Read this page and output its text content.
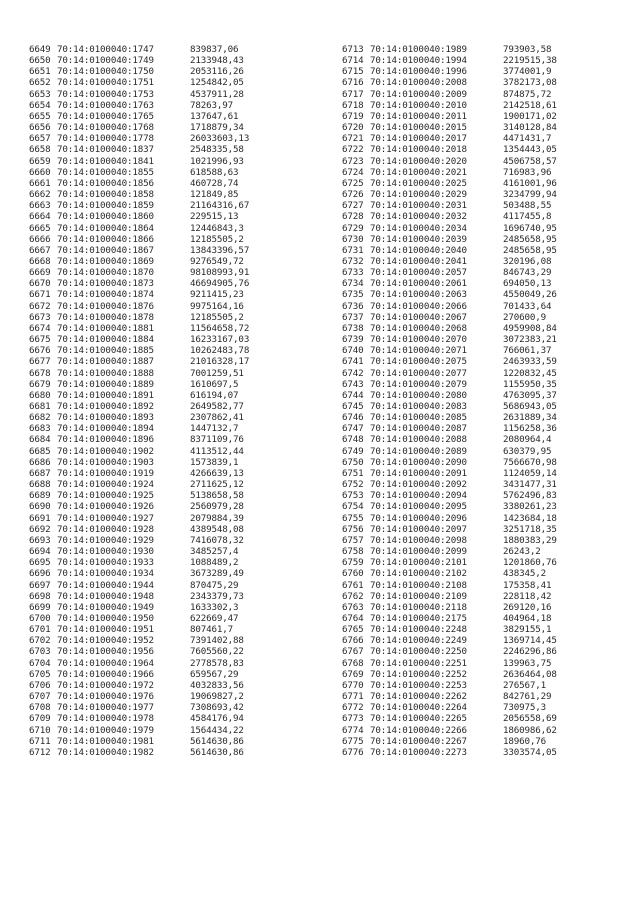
6649 70:14:0100040:1747	839837,06
6650 70:14:0100040:1749	2133948,43
6651 70:14:0100040:1750	2053116,26
6652 70:14:0100040:1751	1254842,05
6653 70:14:0100040:1753	4537911,28
6654 70:14:0100040:1763	78263,97
6655 70:14:0100040:1765	137647,61
6656 70:14:0100040:1768	1718879,34
6657 70:14:0100040:1778	26033603,13
6658 70:14:0100040:1837	2548335,58
6659 70:14:0100040:1841	1021996,93
6660 70:14:0100040:1855	618588,63
6661 70:14:0100040:1856	460728,74
6662 70:14:0100040:1858	121849,85
6663 70:14:0100040:1859	21164316,67
6664 70:14:0100040:1860	229515,13
6665 70:14:0100040:1864	12446843,3
6666 70:14:0100040:1866	12185505,2
6667 70:14:0100040:1867	13843396,57
6668 70:14:0100040:1869	9276549,72
6669 70:14:0100040:1870	98108993,91
6670 70:14:0100040:1873	46694905,76
6671 70:14:0100040:1874	9211415,23
6672 70:14:0100040:1876	9975164,16
6673 70:14:0100040:1878	12185505,2
6674 70:14:0100040:1881	11564658,72
6675 70:14:0100040:1884	16233167,03
6676 70:14:0100040:1885	10262483,78
6677 70:14:0100040:1887	21016328,17
6678 70:14:0100040:1888	7001259,51
6679 70:14:0100040:1889	1610697,5
6680 70:14:0100040:1891	616194,07
6681 70:14:0100040:1892	2649582,77
6682 70:14:0100040:1893	2307862,41
6683 70:14:0100040:1894	1447132,7
6684 70:14:0100040:1896	8371109,76
6685 70:14:0100040:1902	4113512,44
6686 70:14:0100040:1903	1573839,1
6687 70:14:0100040:1919	4266639,13
6688 70:14:0100040:1924	2711625,12
6689 70:14:0100040:1925	5138658,58
6690 70:14:0100040:1926	2560979,28
6691 70:14:0100040:1927	2079884,39
6692 70:14:0100040:1928	4389548,08
6693 70:14:0100040:1929	7416078,32
6694 70:14:0100040:1930	3485257,4
6695 70:14:0100040:1933	1088489,2
6696 70:14:0100040:1934	3673289,49
6697 70:14:0100040:1944	870475,29
6698 70:14:0100040:1948	2343379,73
6699 70:14:0100040:1949	1633302,3
6700 70:14:0100040:1950	622669,47
6701 70:14:0100040:1951	807461,7
6702 70:14:0100040:1952	7391402,88
6703 70:14:0100040:1956	7605560,22
6704 70:14:0100040:1964	2778578,83
6705 70:14:0100040:1966	659567,29
6706 70:14:0100040:1972	4032833,56
6707 70:14:0100040:1976	19069827,2
6708 70:14:0100040:1977	7308693,42
6709 70:14:0100040:1978	4584176,94
6710 70:14:0100040:1979	1564434,22
6711 70:14:0100040:1981	5614630,86
6712 70:14:0100040:1982	5614630,86
6713 70:14:0100040:1989	793903,58
6714 70:14:0100040:1994	2219515,38
6715 70:14:0100040:1996	3774001,9
6716 70:14:0100040:2008	3782173,08
6717 70:14:0100040:2009	874875,72
6718 70:14:0100040:2010	2142518,61
6719 70:14:0100040:2011	1900171,02
6720 70:14:0100040:2015	3140128,84
6721 70:14:0100040:2017	4471431,7
6722 70:14:0100040:2018	1354443,05
6723 70:14:0100040:2020	4506758,57
6724 70:14:0100040:2021	716983,96
6725 70:14:0100040:2025	4161001,96
6726 70:14:0100040:2029	3234799,94
6727 70:14:0100040:2031	503488,55
6728 70:14:0100040:2032	4117455,8
6729 70:14:0100040:2034	1696740,95
6730 70:14:0100040:2039	2485658,95
6731 70:14:0100040:2040	2485658,95
6732 70:14:0100040:2041	320196,08
6733 70:14:0100040:2057	846743,29
6734 70:14:0100040:2061	694050,13
6735 70:14:0100040:2063	4550049,26
6736 70:14:0100040:2066	701433,64
6737 70:14:0100040:2067	270600,9
6738 70:14:0100040:2068	4959908,84
6739 70:14:0100040:2070	3072383,21
6740 70:14:0100040:2071	766061,37
6741 70:14:0100040:2075	2463933,59
6742 70:14:0100040:2077	1220832,45
6743 70:14:0100040:2079	1155950,35
6744 70:14:0100040:2080	4763095,37
6745 70:14:0100040:2083	5686943,05
6746 70:14:0100040:2085	2631889,34
6747 70:14:0100040:2087	1156258,36
6748 70:14:0100040:2088	2080964,4
6749 70:14:0100040:2089	630379,95
6750 70:14:0100040:2090	7566670,98
6751 70:14:0100040:2091	1124059,14
6752 70:14:0100040:2092	3431477,31
6753 70:14:0100040:2094	5762496,83
6754 70:14:0100040:2095	3380261,23
6755 70:14:0100040:2096	1423684,18
6756 70:14:0100040:2097	3251718,35
6757 70:14:0100040:2098	1880383,29
6758 70:14:0100040:2099	26243,2
6759 70:14:0100040:2101	1201860,76
6760 70:14:0100040:2102	438345,2
6761 70:14:0100040:2108	175358,41
6762 70:14:0100040:2109	228118,42
6763 70:14:0100040:2118	269120,16
6764 70:14:0100040:2175	404964,18
6765 70:14:0100040:2248	3829155,1
6766 70:14:0100040:2249	1369714,45
6767 70:14:0100040:2250	2246296,86
6768 70:14:0100040:2251	139963,75
6769 70:14:0100040:2252	2636464,08
6770 70:14:0100040:2253	276567,1
6771 70:14:0100040:2262	842761,29
6772 70:14:0100040:2264	730975,3
6773 70:14:0100040:2265	2056558,69
6774 70:14:0100040:2266	1860986,62
6775 70:14:0100040:2267	18960,76
6776 70:14:0100040:2273	3303574,05
